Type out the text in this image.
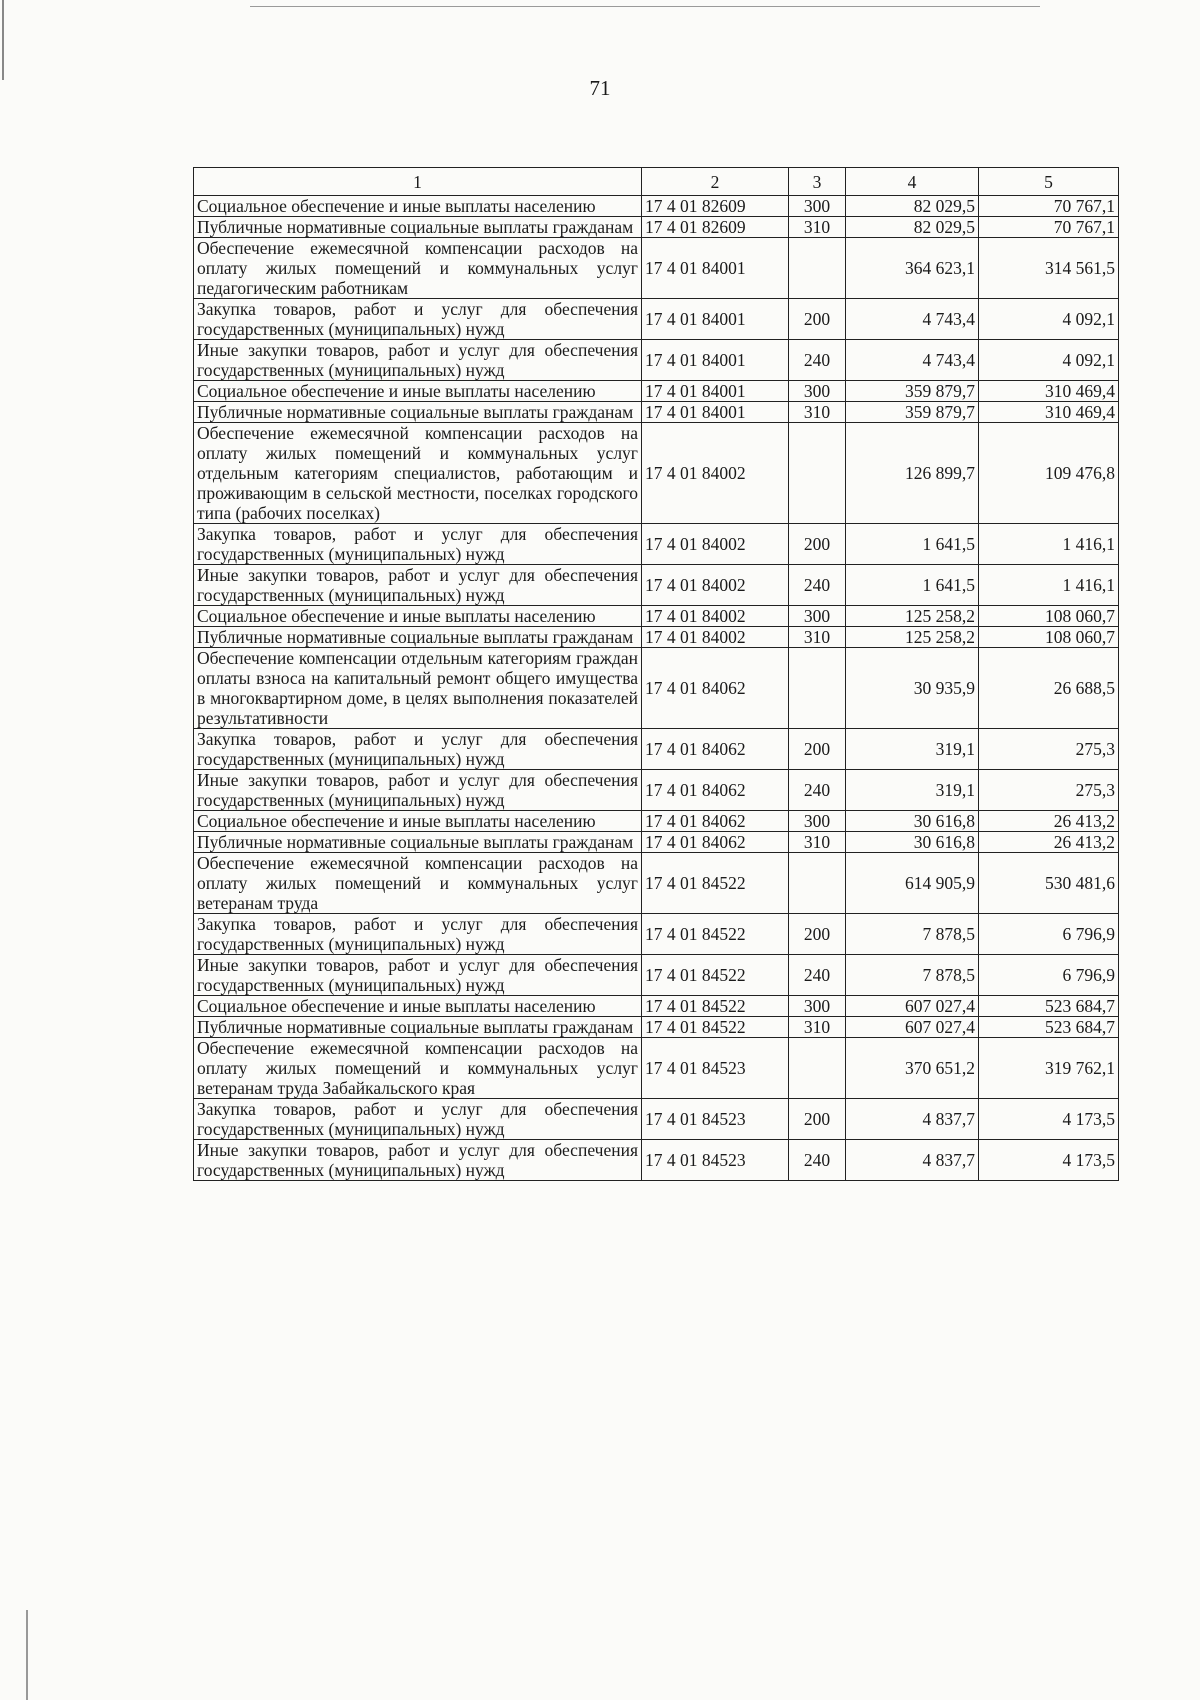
71
1	2	3	4	5
Социальное обеспечение и иные выплаты населению	17 4 01 82609	300	82 029,5	70 767,1
Публичные нормативные социальные выплаты гражданам	17 4 01 82609	310	82 029,5	70 767,1
Обеспечение ежемесячной компенсации расходов на оплату жилых помещений и коммунальных услуг педагогическим работникам	17 4 01 84001		364 623,1	314 561,5
Закупка товаров, работ и услуг для обеспечения государственных (муниципальных) нужд	17 4 01 84001	200	4 743,4	4 092,1
Иные закупки товаров, работ и услуг для обеспечения государственных (муниципальных) нужд	17 4 01 84001	240	4 743,4	4 092,1
Социальное обеспечение и иные выплаты населению	17 4 01 84001	300	359 879,7	310 469,4
Публичные нормативные социальные выплаты гражданам	17 4 01 84001	310	359 879,7	310 469,4
Обеспечение ежемесячной компенсации расходов на оплату жилых помещений и коммунальных услуг отдельным категориям специалистов, работающим и проживающим в сельской местности, поселках городского типа (рабочих поселках)	17 4 01 84002		126 899,7	109 476,8
Закупка товаров, работ и услуг для обеспечения государственных (муниципальных) нужд	17 4 01 84002	200	1 641,5	1 416,1
Иные закупки товаров, работ и услуг для обеспечения государственных (муниципальных) нужд	17 4 01 84002	240	1 641,5	1 416,1
Социальное обеспечение и иные выплаты населению	17 4 01 84002	300	125 258,2	108 060,7
Публичные нормативные социальные выплаты гражданам	17 4 01 84002	310	125 258,2	108 060,7
Обеспечение компенсации отдельным категориям граждан оплаты взноса на капитальный ремонт общего имущества в многоквартирном доме, в целях выполнения показателей результативности	17 4 01 84062		30 935,9	26 688,5
Закупка товаров, работ и услуг для обеспечения государственных (муниципальных) нужд	17 4 01 84062	200	319,1	275,3
Иные закупки товаров, работ и услуг для обеспечения государственных (муниципальных) нужд	17 4 01 84062	240	319,1	275,3
Социальное обеспечение и иные выплаты населению	17 4 01 84062	300	30 616,8	26 413,2
Публичные нормативные социальные выплаты гражданам	17 4 01 84062	310	30 616,8	26 413,2
Обеспечение ежемесячной компенсации расходов на оплату жилых помещений и коммунальных услуг ветеранам труда	17 4 01 84522		614 905,9	530 481,6
Закупка товаров, работ и услуг для обеспечения государственных (муниципальных) нужд	17 4 01 84522	200	7 878,5	6 796,9
Иные закупки товаров, работ и услуг для обеспечения государственных (муниципальных) нужд	17 4 01 84522	240	7 878,5	6 796,9
Социальное обеспечение и иные выплаты населению	17 4 01 84522	300	607 027,4	523 684,7
Публичные нормативные социальные выплаты гражданам	17 4 01 84522	310	607 027,4	523 684,7
Обеспечение ежемесячной компенсации расходов на оплату жилых помещений и коммунальных услуг ветеранам труда Забайкальского края	17 4 01 84523		370 651,2	319 762,1
Закупка товаров, работ и услуг для обеспечения государственных (муниципальных) нужд	17 4 01 84523	200	4 837,7	4 173,5
Иные закупки товаров, работ и услуг для обеспечения государственных (муниципальных) нужд	17 4 01 84523	240	4 837,7	4 173,5
